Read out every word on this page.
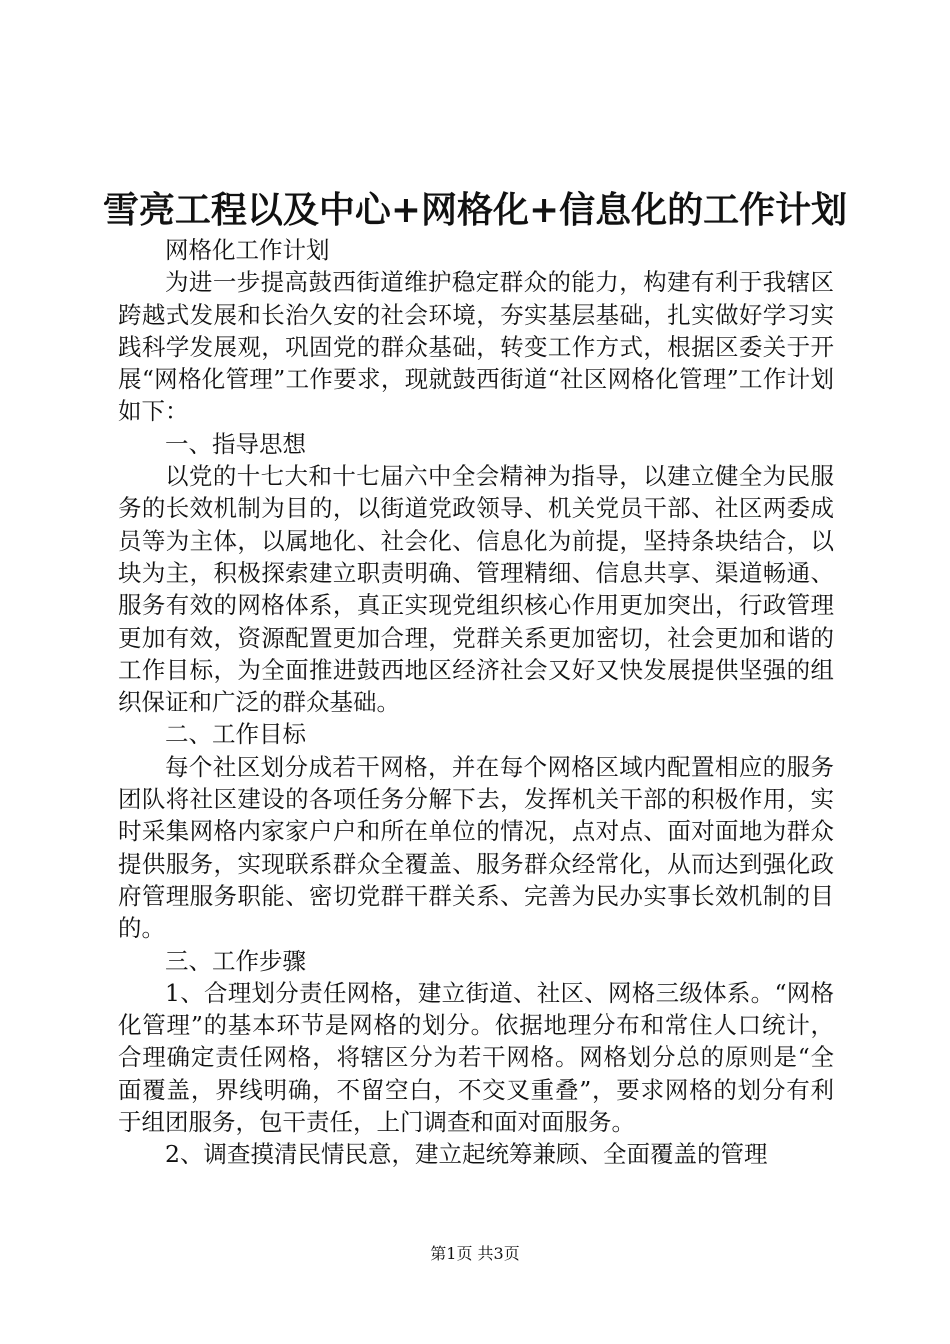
雪亮工程以及中心+网格化+信息化的工作计划

网格化工作计划

为进一步提高鼓西街道维护稳定群众的能力，构建有利于我辖区跨越式发展和长治久安的社会环境，夯实基层基础，扎实做好学习实践科学发展观，巩固党的群众基础，转变工作方式，根据区委关于开展“网格化管理”工作要求，现就鼓西街道“社区网格化管理”工作计划如下：

一、指导思想

以党的十七大和十七届六中全会精神为指导，以建立健全为民服务的长效机制为目的，以街道党政领导、机关党员干部、社区两委成员等为主体，以属地化、社会化、信息化为前提，坚持条块结合，以块为主，积极探索建立职责明确、管理精细、信息共享、渠道畅通、服务有效的网格体系，真正实现党组织核心作用更加突出，行政管理更加有效，资源配置更加合理，党群关系更加密切，社会更加和谐的工作目标，为全面推进鼓西地区经济社会又好又快发展提供坚强的组织保证和广泛的群众基础。

二、工作目标

每个社区划分成若干网格，并在每个网格区域内配置相应的服务团队将社区建设的各项任务分解下去，发挥机关干部的积极作用，实时采集网格内家家户户和所在单位的情况，点对点、面对面地为群众提供服务，实现联系群众全覆盖、服务群众经常化，从而达到强化政府管理服务职能、密切党群干群关系、完善为民办实事长效机制的目的。

三、工作步骤

1、合理划分责任网格，建立街道、社区、网格三级体系。“网格化管理”的基本环节是网格的划分。依据地理分布和常住人口统计，合理确定责任网格，将辖区分为若干网格。网格划分总的原则是“全面覆盖，界线明确，不留空白，不交叉重叠”，要求网格的划分有利于组团服务，包干责任，上门调查和面对面服务。

2、调查摸清民情民意，建立起统筹兼顾、全面覆盖的管理

第1页 共3页
